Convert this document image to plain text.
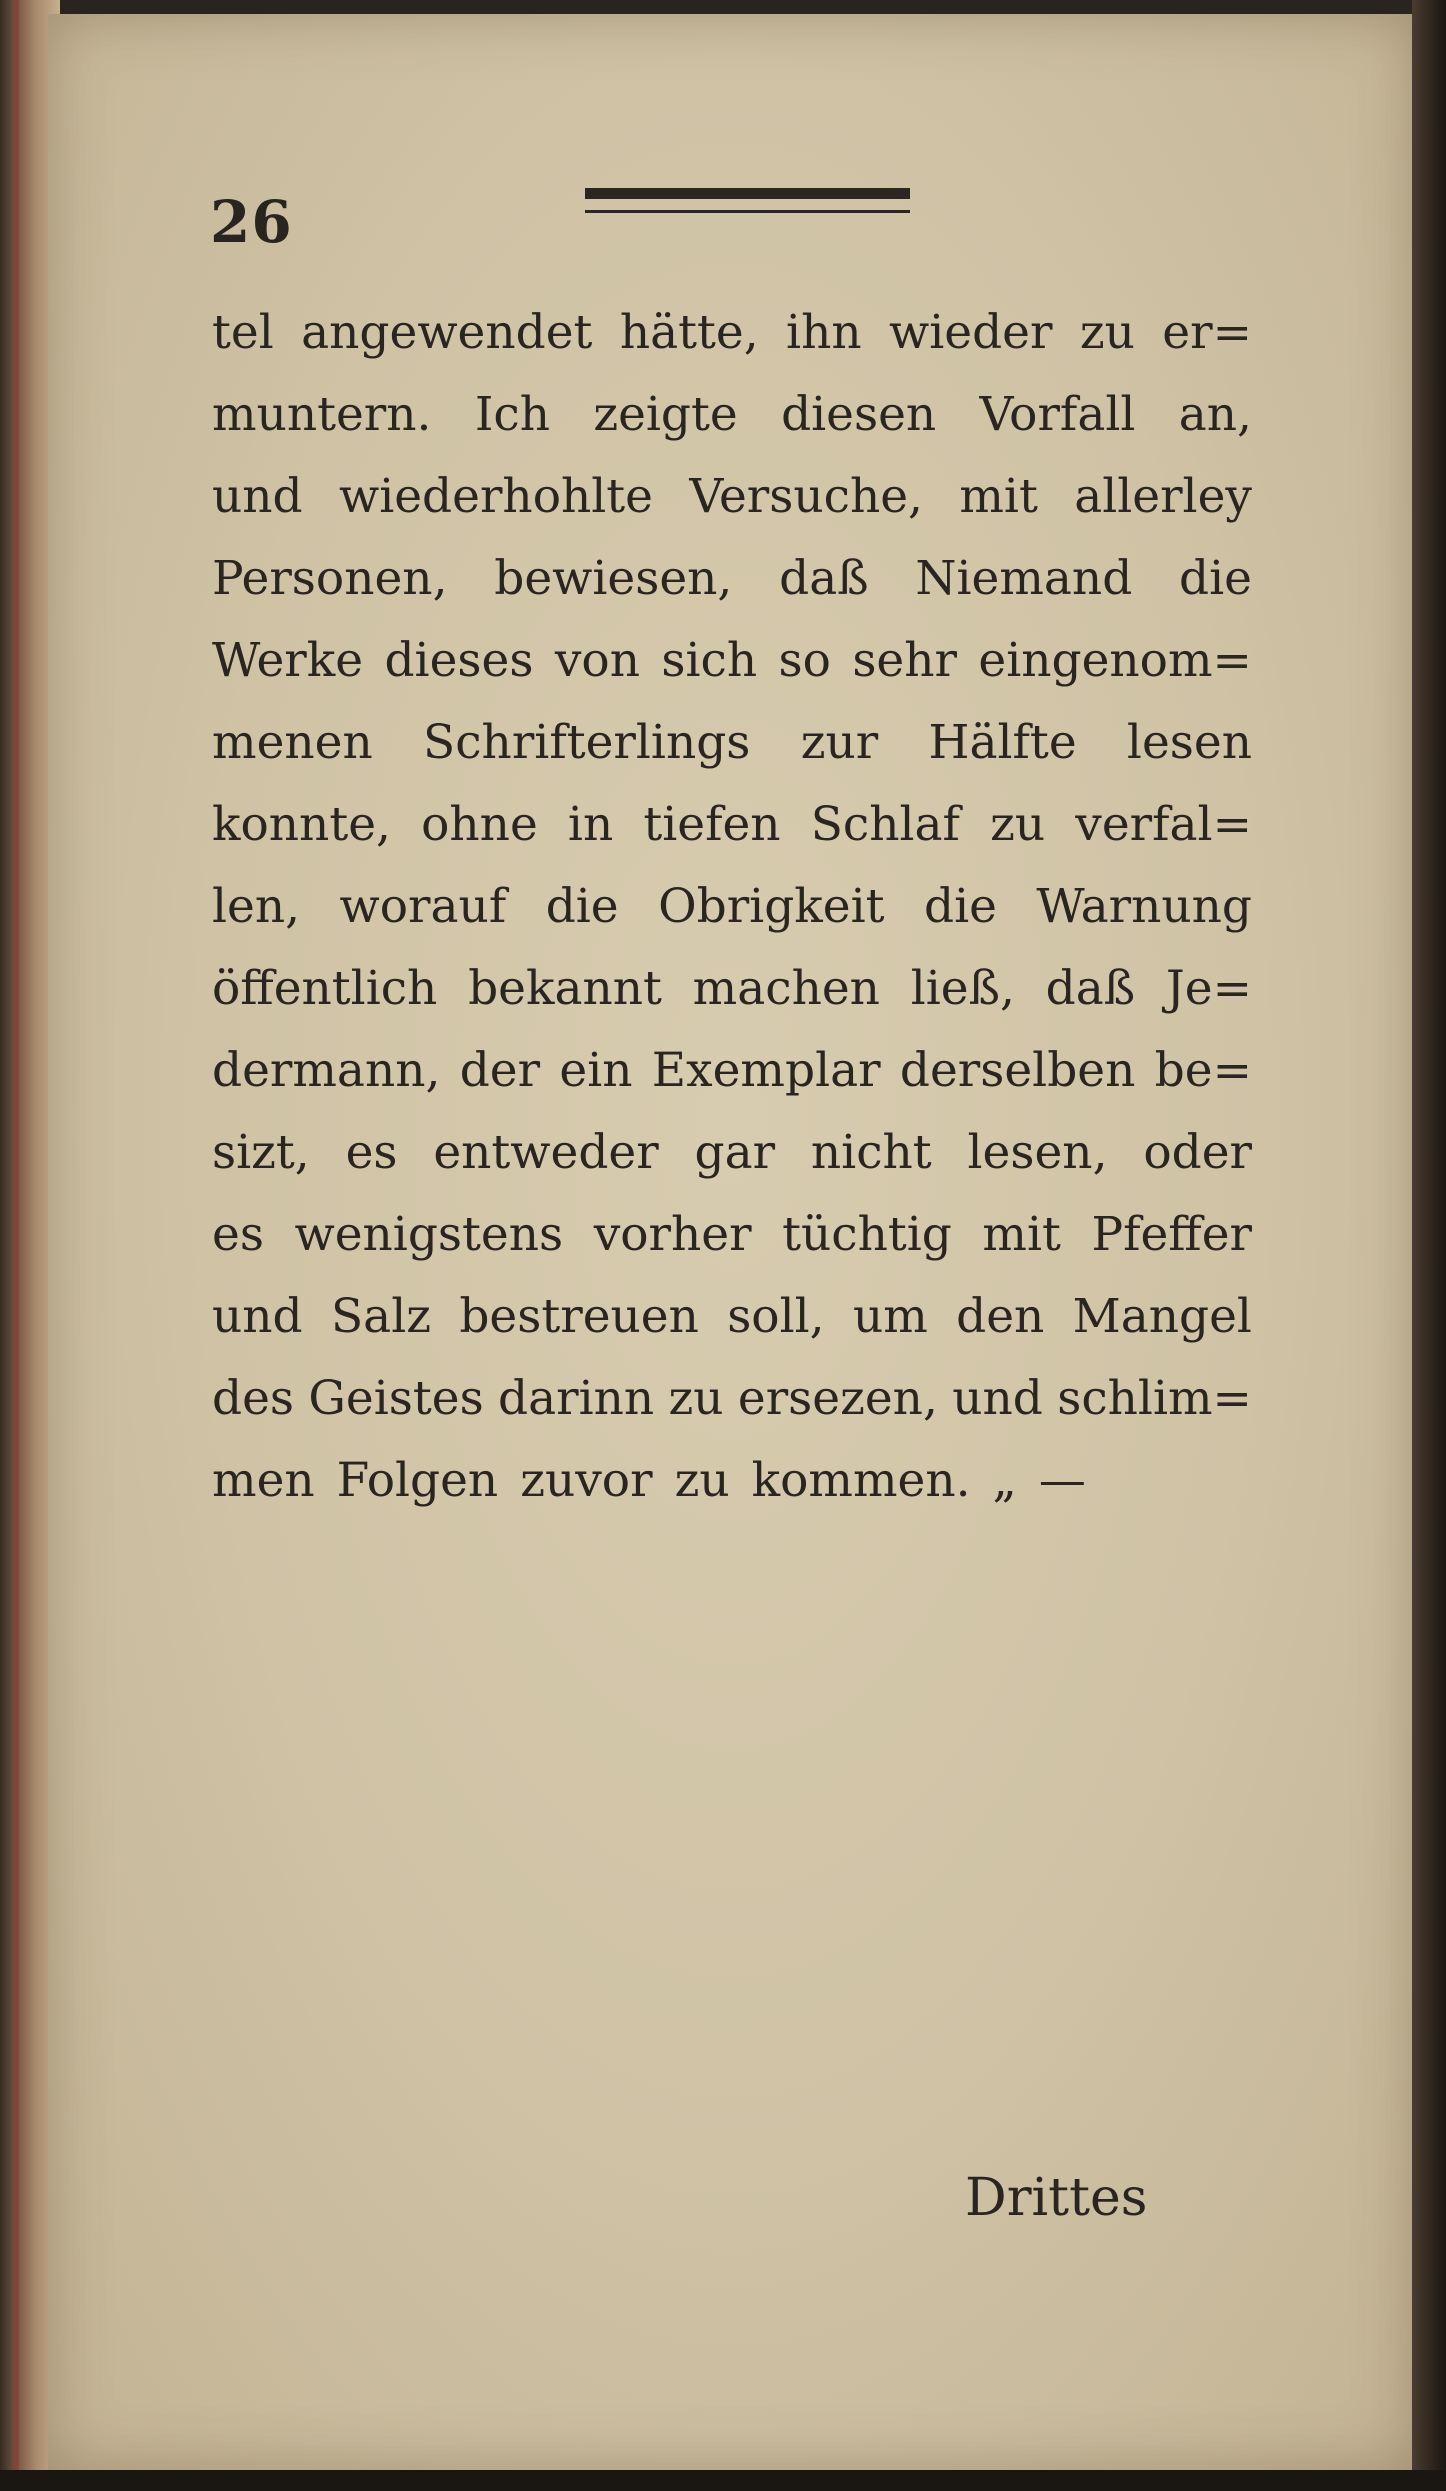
26
tel angewendet hätte, ihn wieder zu er=
muntern. Ich zeigte diesen Vorfall an,
und wiederhohlte Versuche, mit allerley
Personen, bewiesen, daß Niemand die
Werke dieses von sich so sehr eingenom=
menen Schrifterlings zur Hälfte lesen
konnte, ohne in tiefen Schlaf zu verfal=
len, worauf die Obrigkeit die Warnung
öffentlich bekannt machen ließ, daß Je=
dermann, der ein Exemplar derselben be=
sizt, es entweder gar nicht lesen, oder
es wenigstens vorher tüchtig mit Pfeffer
und Salz bestreuen soll, um den Mangel
des Geistes darinn zu ersezen, und schlim=
men Folgen zuvor zu kommen. „ —
Drittes
